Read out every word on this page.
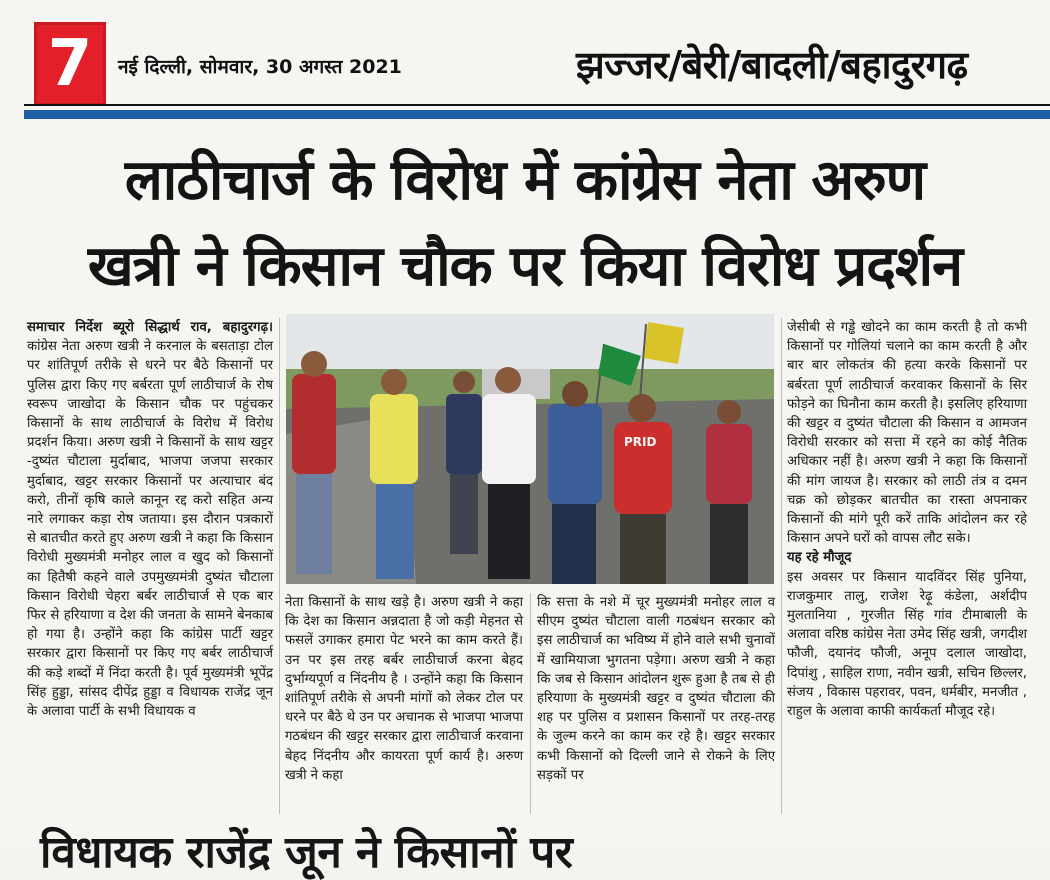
7	नई दिल्ली, सोमवार, 30 अगस्त 2021	झज्जर/बेरी/बादली/बहादुरगढ़
लाठीचार्ज के विरोध में कांग्रेस नेता अरुण
खत्री ने किसान चौक पर किया विरोध प्रदर्शन

समाचार निर्देश ब्यूरो सिद्धार्थ राव, बहादुरगढ़। कांग्रेस नेता अरुण खत्री ने करनाल के बसताड़ा टोल पर शांतिपूर्ण तरीके से धरने पर बैठे किसानों पर पुलिस द्वारा किए गए बर्बरता पूर्ण लाठीचार्ज के रोष स्वरूप जाखोदा के किसान चौक पर पहुंचकर किसानों के साथ लाठीचार्ज के विरोध में विरोध प्रदर्शन किया। अरुण खत्री ने किसानों के साथ खट्टर -दुष्यंत चौटाला मुर्दाबाद, भाजपा जजपा सरकार मुर्दाबाद, खट्टर सरकार किसानों पर अत्याचार बंद करो, तीनों कृषि काले कानून रद्द करो सहित अन्य नारे लगाकर कड़ा रोष जताया। इस दौरान पत्रकारों से बातचीत करते हुए अरुण खत्री ने कहा कि किसान विरोधी मुख्यमंत्री मनोहर लाल व खुद को किसानों का हितैषी कहने वाले उपमुख्यमंत्री दुष्यंत चौटाला किसान विरोधी चेहरा बर्बर लाठीचार्ज से एक बार फिर से हरियाणा व देश की जनता के सामने बेनकाब हो गया है। उन्होंने कहा कि कांग्रेस पार्टी खट्टर सरकार द्वारा किसानों पर किए गए बर्बर लाठीचार्ज की कड़े शब्दों में निंदा करती है। पूर्व मुख्यमंत्री भूपेंद्र सिंह हुड्डा, सांसद दीपेंद्र हुड्डा व विधायक राजेंद्र जून के अलावा पार्टी के सभी विधायक व

PRID

नेता किसानों के साथ खड़े है। अरुण खत्री ने कहा कि देश का किसान अन्नदाता है जो कड़ी मेहनत से फसलें उगाकर हमारा पेट भरने का काम करते हैं। उन पर इस तरह बर्बर लाठीचार्ज करना बेहद दुर्भाग्यपूर्ण व निंदनीय है । उन्होंने कहा कि किसान शांतिपूर्ण तरीके से अपनी मांगों को लेकर टोल पर धरने पर बैठे थे उन पर अचानक से भाजपा भाजपा गठबंधन की खट्टर सरकार द्वारा लाठीचार्ज करवाना बेहद निंदनीय और कायरता पूर्ण कार्य है। अरुण खत्री ने कहा

कि सत्ता के नशे में चूर मुख्यमंत्री मनोहर लाल व सीएम दुष्यंत चौटाला वाली गठबंधन सरकार को इस लाठीचार्ज का भविष्य में होने वाले सभी चुनावों में खामियाजा भुगतना पड़ेगा। अरुण खत्री ने कहा कि जब से किसान आंदोलन शुरू हुआ है तब से ही हरियाणा के मुख्यमंत्री खट्टर व दुष्यंत चौटाला की शह पर पुलिस व प्रशासन किसानों पर तरह-तरह के जुल्म करने का काम कर रहे है। खट्टर सरकार कभी किसानों को दिल्ली जाने से रोकने के लिए सड़कों पर

जेसीबी से गड्ढे खोदने का काम करती है तो कभी किसानों पर गोलियां चलाने का काम करती है और बार बार लोकतंत्र की हत्या करके किसानों पर बर्बरता पूर्ण लाठीचार्ज करवाकर किसानों के सिर फोड़ने का घिनौना काम करती है। इसलिए हरियाणा की खट्टर व दुष्यंत चौटाला की किसान व आमजन विरोधी सरकार को सत्ता में रहने का कोई नैतिक अधिकार नहीं है। अरुण खत्री ने कहा कि किसानों की मांग जायज है। सरकार को लाठी तंत्र व दमन चक्र को छोड़कर बातचीत का रास्ता अपनाकर किसानों की मांगे पूरी करें ताकि आंदोलन कर रहे किसान अपने घरों को वापस लौट सके।

यह रहे मौजूद

इस अवसर पर किसान यादविंदर सिंह पुनिया, राजकुमार तालु, राजेश रेढ़ू कंडेला, अर्शदीप मुलतानिया , गुरजीत सिंह गांव टीमाबाली के अलावा वरिष्ठ कांग्रेस नेता उमेद सिंह खत्री, जगदीश फौजी, दयानंद फौजी, अनूप दलाल जाखोदा, दिपांशु , साहिल राणा, नवीन खत्री, सचिन छिल्लर, संजय , विकास पहरावर, पवन, धर्मबीर, मनजीत , राहुल के अलावा काफी कार्यकर्ता मौजूद रहे।

विधायक राजेंद्र जून ने किसानों पर
